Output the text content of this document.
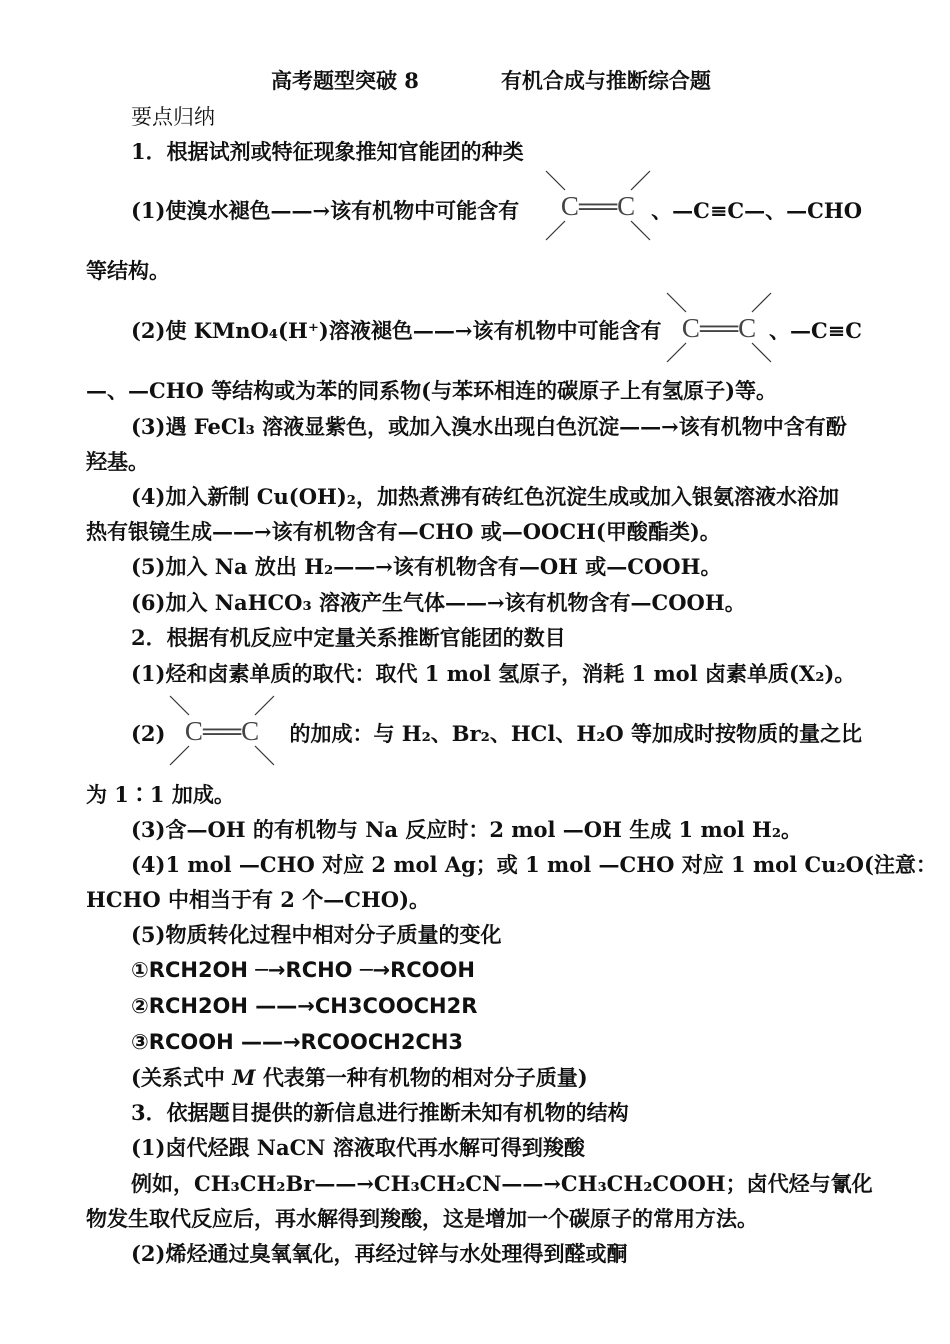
高考题型突破 8	有机合成与推断综合题
要点归纳
1．根据试剂或特征现象推知官能团的种类
(1)使溴水褪色——→该有机物中可能含有 C══C 、—C≡C—、—CHO
等结构。
(2)使 KMnO₄(H⁺)溶液褪色——→该有机物中可能含有 C══C 、—C≡C
—、—CHO 等结构或为苯的同系物(与苯环相连的碳原子上有氢原子)等。
(3)遇 FeCl₃ 溶液显紫色，或加入溴水出现白色沉淀——→该有机物中含有酚
羟基。
(4)加入新制 Cu(OH)₂，加热煮沸有砖红色沉淀生成或加入银氨溶液水浴加
热有银镜生成——→该有机物含有—CHO 或—OOCH(甲酸酯类)。
(5)加入 Na 放出 H₂——→该有机物含有—OH 或—COOH。
(6)加入 NaHCO₃ 溶液产生气体——→该有机物含有—COOH。
2．根据有机反应中定量关系推断官能团的数目
(1)烃和卤素单质的取代：取代 1 mol 氢原子，消耗 1 mol 卤素单质(X₂)。
(2) C══C 的加成：与 H₂、Br₂、HCl、H₂O 等加成时按物质的量之比
为 1∶1 加成。
(3)含—OH 的有机物与 Na 反应时：2 mol —OH 生成 1 mol H₂。
(4)1 mol —CHO 对应 2 mol Ag；或 1 mol —CHO 对应 1 mol Cu₂O(注意：
HCHO 中相当于有 2 个—CHO)。
(5)物质转化过程中相对分子质量的变化
①RCH2OH ─→RCHO ─→RCOOH
②RCH2OH ——→CH3COOCH2R
③RCOOH ——→RCOOCH2CH3
(关系式中 M 代表第一种有机物的相对分子质量)
3．依据题目提供的新信息进行推断未知有机物的结构
(1)卤代烃跟 NaCN 溶液取代再水解可得到羧酸
例如，CH₃CH₂Br——→CH₃CH₂CN——→CH₃CH₂COOH；卤代烃与氰化
物发生取代反应后，再水解得到羧酸，这是增加一个碳原子的常用方法。
(2)烯烃通过臭氧氧化，再经过锌与水处理得到醛或酮
